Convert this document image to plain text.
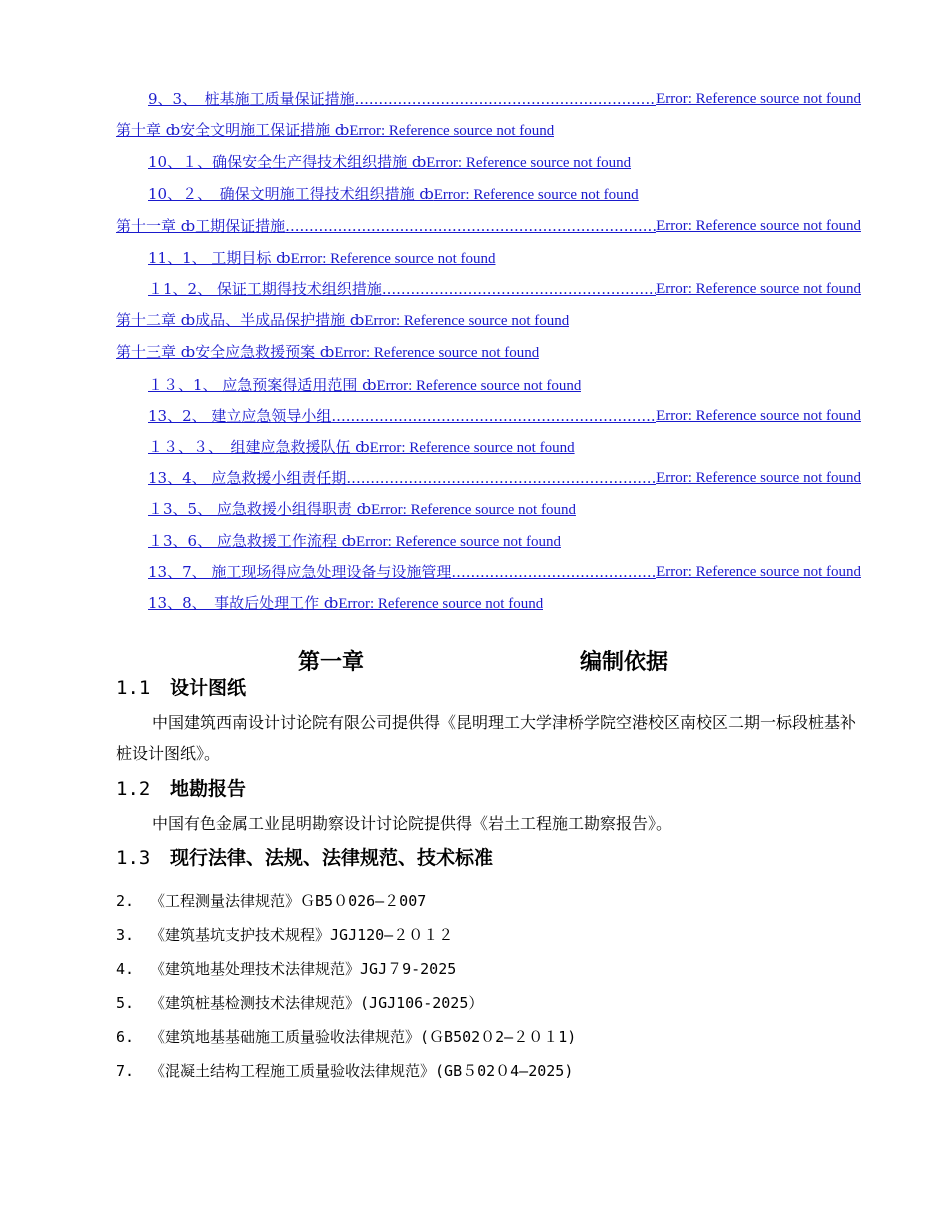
9、3、　桩基施工质量保证措施 .....	Error: Reference source not found
第十章 ȸ安全文明施工保证措施 ȸError: Reference source not found
10、１、确保安全生产得技术组织措施 ȸError: Reference source not found
10、２、　确保文明施工得技术组织措施 ȸError: Reference source not found
第十一章 ȸ工期保证措施 .....	Error: Reference source not found
11、1、 工期目标 ȸError: Reference source not found
１1、2、 保证工期得技术组织措施 .....	Error: Reference source not found
第十二章 ȸ成品、半成品保护措施 ȸError: Reference source not found
第十三章 ȸ安全应急救援预案 ȸError: Reference source not found
１３、1、 应急预案得适用范围 ȸError: Reference source not found
13、2、 建立应急领导小组 .....	Error: Reference source not found
１３、３、　组建应急救援队伍 ȸError: Reference source not found
13、4、 应急救援小组责任期 .....	Error: Reference source not found
１3、5、 应急救援小组得职责 ȸError: Reference source not found
１3、6、 应急救援工作流程 ȸError: Reference source not found
13、7、 施工现场得应急处理设备与设施管理 .....	Error: Reference source not found
13、8、　事故后处理工作 ȸError: Reference source not found
第一章	编制依据
1.1 设计图纸
中国建筑西南设计讨论院有限公司提供得《昆明理工大学津桥学院空港校区南校区二期一标段桩基补桩设计图纸》。
1.2 地勘报告
中国有色金属工业昆明勘察设计讨论院提供得《岩土工程施工勘察报告》。
1.3 现行法律、法规、法律规范、技术标准
2. 《工程测量法律规范》ＧB5０026—２007
3. 《建筑基坑支护技术规程》JGJ120—２０１２
4. 《建筑地基处理技术法律规范》JGJ７9-2025
5. 《建筑桩基检测技术法律规范》(JGJ106-2025）
6. 《建筑地基基础施工质量验收法律规范》(ＧB502０2—２０１1)
7. 《混凝土结构工程施工质量验收法律规范》(GB５02０4—2025)
